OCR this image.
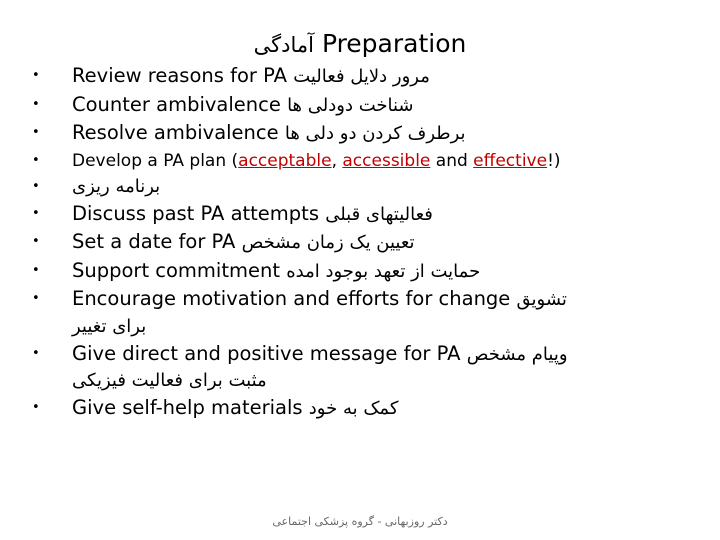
آمادگی Preparation
• Review reasons for PA مرور دلایل فعالیت
• Counter ambivalence شناخت دودلی ها
• Resolve ambivalence برطرف کردن دو دلی ها
• Develop a PA plan (acceptable, accessible and effective!)
• برنامه ریزی
• Discuss past PA attempts فعالیتهای قبلی
• Set a date for PA تعیین یک زمان مشخص
• Support commitment حمایت از تعهد بوجود امده
• Encourage motivation and efforts for change تشویق
برای تغییر
• Give direct and positive message for PA وپیام مشخص
مثبت برای فعالیت فیزیکی
• Give self-help materials کمک به خود
دکتر روزبهانی - گروه پزشکی اجتماعی
